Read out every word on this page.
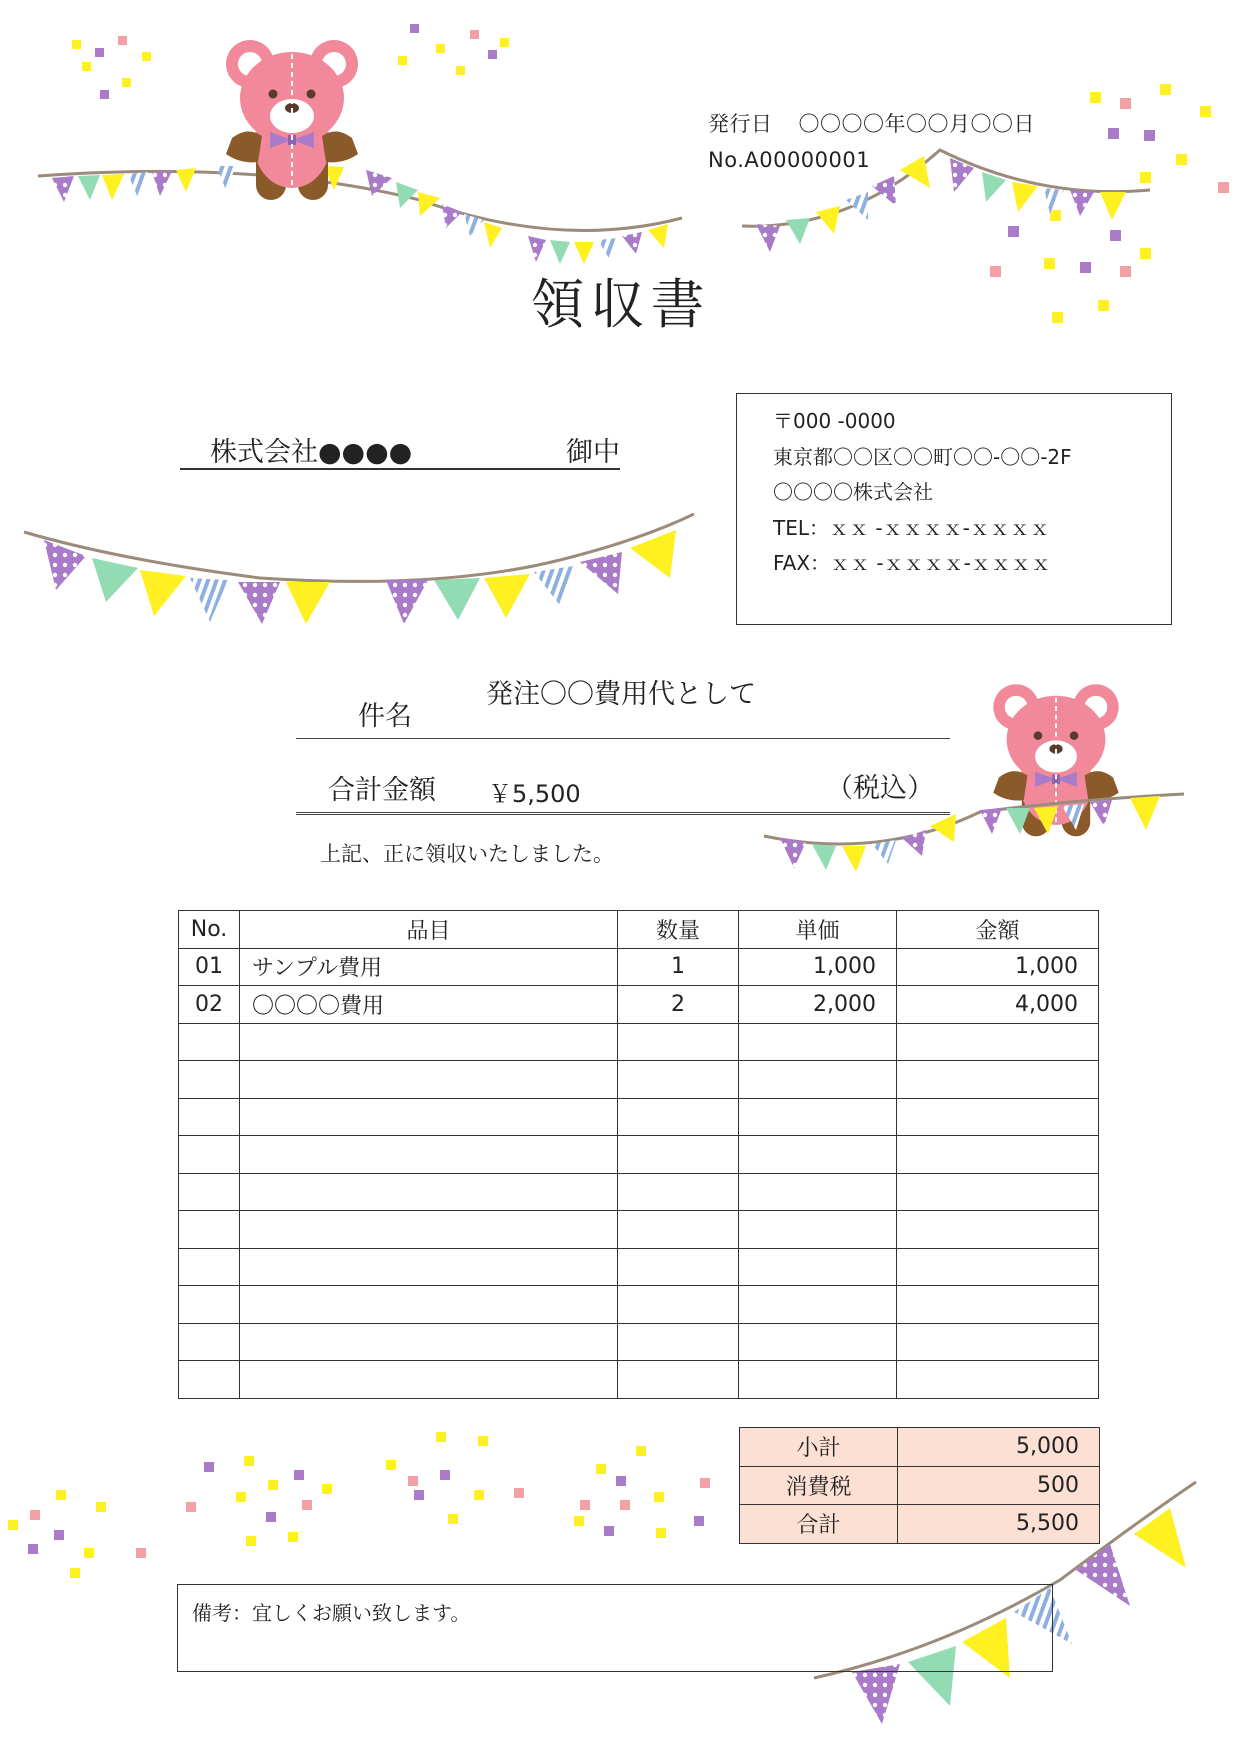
発行日 〇〇〇〇年〇〇月〇〇日
No.A00000001
領収書
株式会社●●●●	御中
〒000 -0000
東京都〇〇区〇〇町〇〇-〇〇-2F
〇〇〇〇株式会社
TEL：ｘｘ -ｘｘｘｘ-ｘｘｘｘ
FAX：ｘｘ -ｘｘｘｘ-ｘｘｘｘ
件名
発注〇〇費用代として
合計金額 ￥5,500	（税込）
上記、正に領収いたしました。
No.	品目	数量	単価	金額
01	サンプル費用	1	1,000	1,000
02	〇〇〇〇費用	2	2,000	4,000

小計	5,000
消費税	500
合計	5,500
備考：宜しくお願い致します。
